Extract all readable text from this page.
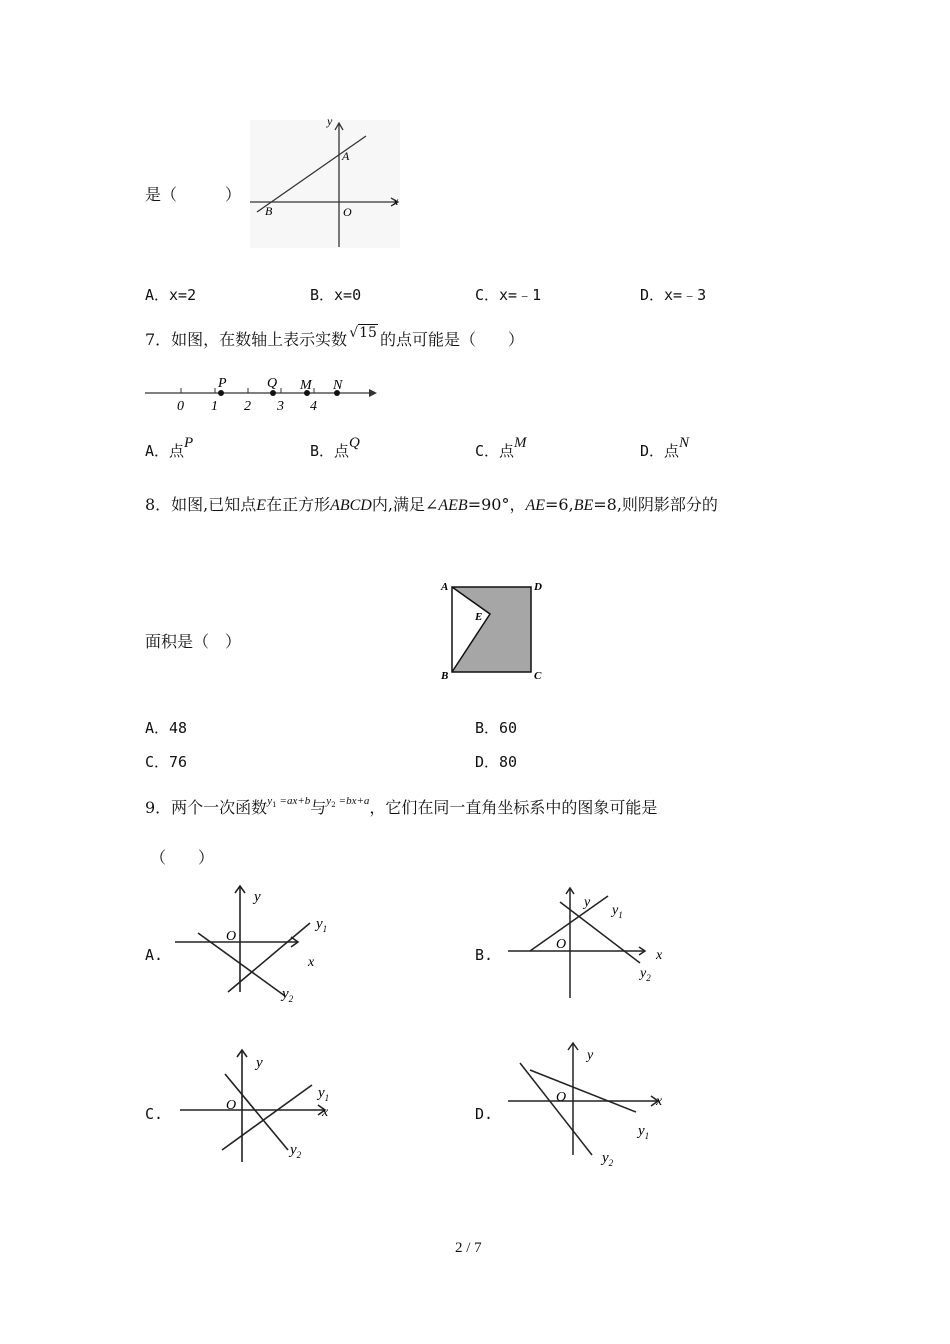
是（　　　）
y
x
A
B	O
A．x=2	B．x=0	C．x=﹣1	D．x=﹣3
7．如图，在数轴上表示实数 √15 的点可能是（　　）
0 1 2 3 4
P	Q M N
A．点P	B．点Q	C．点M	D．点N
8．如图,已知点E在正方形ABCD内,满足∠AEB=90°，AE=6,BE=8,则阴影部分的
面积是（　）
A
B	C
D
E
A．48	B．60
C．76	D．80
9．两个一次函数$^{y_1 =ax+b}$与$^{y_2 =bx+a}$，它们在同一直角坐标系中的图象可能是
（　　）
A.
y
O
x
$y_1$
$y_2$
B.
y
O
x
$y_1$
$y_2$
C.
y
O	x
$y_1$
$y_2$
D.
y
O	x
$y_1$
$y_2$
2 / 7
